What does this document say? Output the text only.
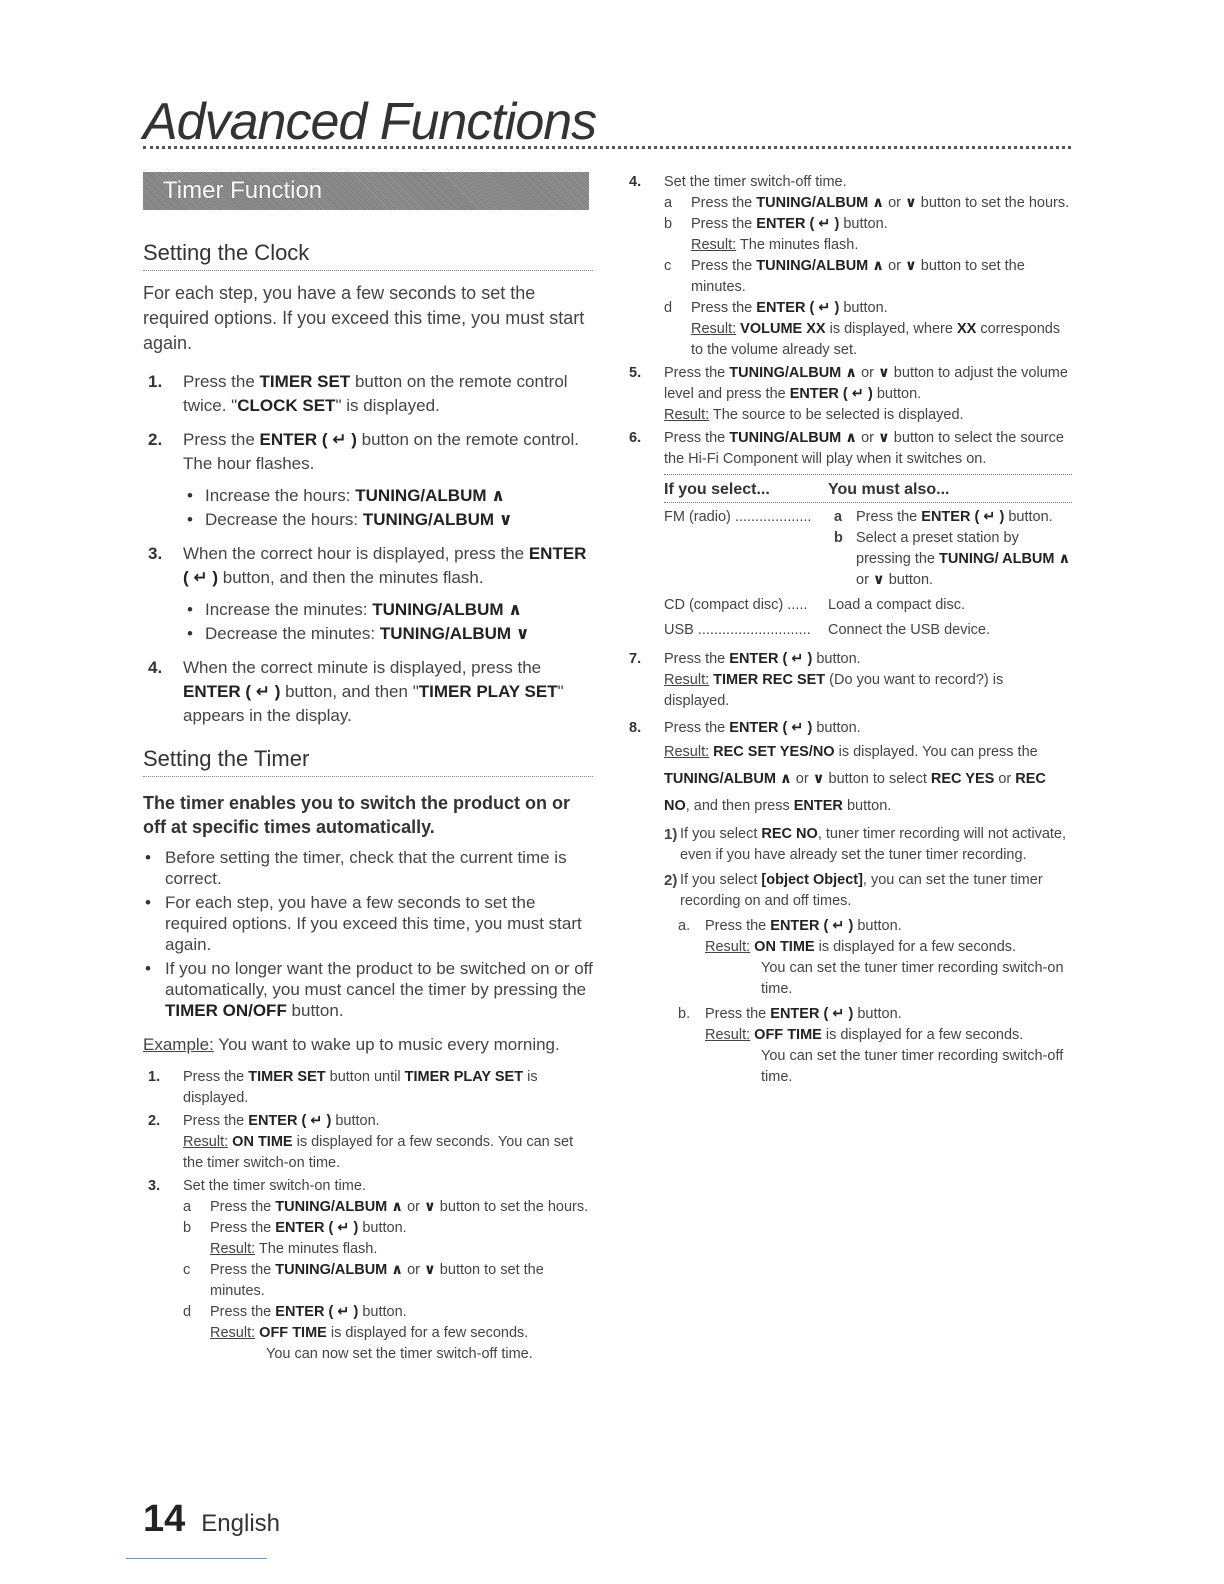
Advanced Functions
Timer Function
Setting the Clock

For each step, you have a few seconds to set the required options. If you exceed this time, you must start again.

1. Press the TIMER SET button on the remote control twice. "CLOCK SET" is displayed.
2. Press the ENTER ( ↵ ) button on the remote control. The hour flashes.
• Increase the hours: TUNING/ALBUM ∧
• Decrease the hours: TUNING/ALBUM ∨
3. When the correct hour is displayed, press the ENTER ( ↵ ) button, and then the minutes flash.
• Increase the minutes: TUNING/ALBUM ∧
• Decrease the minutes: TUNING/ALBUM ∨
4. When the correct minute is displayed, press the ENTER ( ↵ ) button, and then "TIMER PLAY SET" appears in the display.
Setting the Timer
The timer enables you to switch the product on or off at specific times automatically.
• Before setting the timer, check that the current time is correct.
• For each step, you have a few seconds to set the required options. If you exceed this time, you must start again.
• If you no longer want the product to be switched on or off automatically, you must cancel the timer by pressing the TIMER ON/OFF button.
Example: You want to wake up to music every morning.
1. Press the TIMER SET button until TIMER PLAY SET is displayed.
2. Press the ENTER ( ↵ ) button.
Result: ON TIME is displayed for a few seconds. You can set the timer switch-on time.
3. Set the timer switch-on time.
a Press the TUNING/ALBUM ∧ or ∨ button to set the hours.
b Press the ENTER ( ↵ ) button.
Result: The minutes flash.
c Press the TUNING/ALBUM ∧ or ∨ button to set the minutes.
d Press the ENTER ( ↵ ) button.
Result: OFF TIME is displayed for a few seconds.
You can now set the timer switch-off time.
4. Set the timer switch-off time.
a Press the TUNING/ALBUM ∧ or ∨ button to set the hours.
b Press the ENTER ( ↵ ) button.
Result: The minutes flash.
c Press the TUNING/ALBUM ∧ or ∨ button to set the minutes.
d Press the ENTER ( ↵ ) button.
Result: VOLUME XX is displayed, where XX corresponds to the volume already set.
5. Press the TUNING/ALBUM ∧ or ∨ button to adjust the volume level and press the ENTER ( ↵ ) button.
Result: The source to be selected is displayed.
6. Press the TUNING/ALBUM ∧ or ∨ button to select the source the Hi-Fi Component will play when it switches on.
If you select...	You must also...
FM (radio) ...................	a Press the ENTER ( ↵ ) button.
b Select a preset station by pressing the TUNING/ ALBUM ∧ or ∨ button.
CD (compact disc) .....	Load a compact disc.
USB ............................	Connect the USB device.
7. Press the ENTER ( ↵ ) button.
Result: TIMER REC SET (Do you want to record?) is displayed.
8. Press the ENTER ( ↵ ) button.
Result: REC SET YES/NO is displayed. You can press the TUNING/ALBUM ∧ or ∨ button to select REC YES or REC NO, and then press ENTER button.
1) If you select REC NO, tuner timer recording will not activate, even if you have already set the tuner timer recording.
2) If you select [object Object], you can set the tuner timer recording on and off times.
a. Press the ENTER ( ↵ ) button.
Result: ON TIME is displayed for a few seconds.
You can set the tuner timer recording switch-on time.
b. Press the ENTER ( ↵ ) button.
Result: OFF TIME is displayed for a few seconds.
You can set the tuner timer recording switch-off time.
14 English
